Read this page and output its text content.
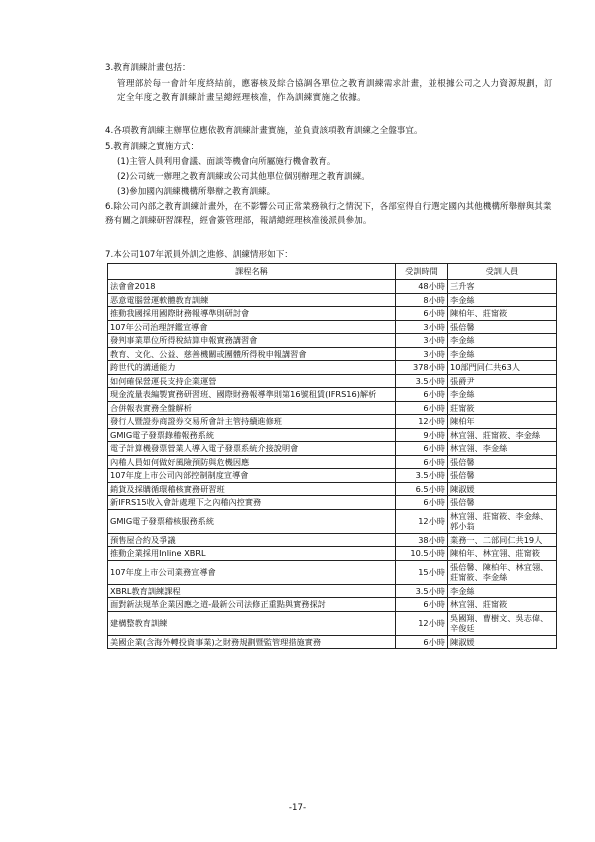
3.教育訓練計畫包括：
管理部於每一會計年度終結前，應審核及綜合協調各單位之教育訓練需求計畫，並根據公司之人力資源規劃，訂定全年度之教育訓練計畫呈總經理核准，作為訓練實施之依據。
4.各項教育訓練主辦單位應依教育訓練計畫實施，並負責該項教育訓練之全盤事宜。
5.教育訓練之實施方式：
(1)主管人員利用會議、面談等機會向所屬施行機會教育。
(2)公司統一辦理之教育訓練或公司其他單位個別辦理之教育訓練。
(3)參加國內訓練機構所舉辦之教育訓練。
6.除公司內部之教育訓練計畫外，在不影響公司正常業務執行之情況下，各部室得自行選定國內其他機構所舉辦與其業務有關之訓練研習課程，經會簽管理部，報請總經理核准後派員參加。
7.本公司107年派員外訓之進修、訓練情形如下：
課程名稱	受訓時間	受訓人員
法會會2018	48小時	三升客
恶意電腦營運軟體教育訓練	8小時	李金絲
推動我國採用國際財務報導準則研討會	6小時	陳柏年、莊甯筱
107年公司治理評鑑宣導會	3小時	張倍馨
發判事業單位所得稅結算申報實務講習會	3小時	李金絲
教育、文化、公益、慈善機關或團體所得稅申報講習會	3小時	李金絲
跨世代的溝通能力	378小時	10部門同仁共63人
如何確保營運長支持企業運營	3.5小時	張爵尹
現金流量表編製實務研習班、國際財務報導準則第16號租賃(IFRS16)解析	6小時	李金絲
合併報表實務全盤解析	6小時	莊甯筱
發行人暨證券商證券交易所會計主管持續進修班	12小時	陳柏年
GMIG電子發票錄稽報務系統	9小時	林宜翎、莊甯筱、李金絲
電子計算機發票營業人導入電子發票系統介接說明會	6小時	林宜翎、李金絲
內稽人員如何做好風險預防與危機因應	6小時	張倍馨
107年度上市公司內部控制制度宣導會	3.5小時	張倍馨
銷貨及採購循環稽核實務研習班	6.5小時	陳淑媛
新IFRS15收入會計處理下之內稽內控實務	6小時	張倍馨
GMIG電子發票稽核服務系統	12小時	林宜翎、莊甯筱、李金絲、郭小翁
預售屋合約及爭議	38小時	業務一、二部同仁共19人
推動企業採用Inline XBRL	10.5小時	陳柏年、林宜翎、莊甯筱
107年度上市公司業務宣導會	15小時	張倍馨、陳柏年、林宜翎、莊甯筱、李金絲
XBRL教育訓練課程	3.5小時	李金絲
面對新法規革企業因應之道-最新公司法修正重點與實務探討	6小時	林宜翎、莊甯筱
建構整教育訓練	12小時	吳國翔、曹樹文、吳志偉、辛俊廷
美國企業(含海外轉投資事業)之財務規劃暨監管理措施實務	6小時	陳淑媛
-17-
